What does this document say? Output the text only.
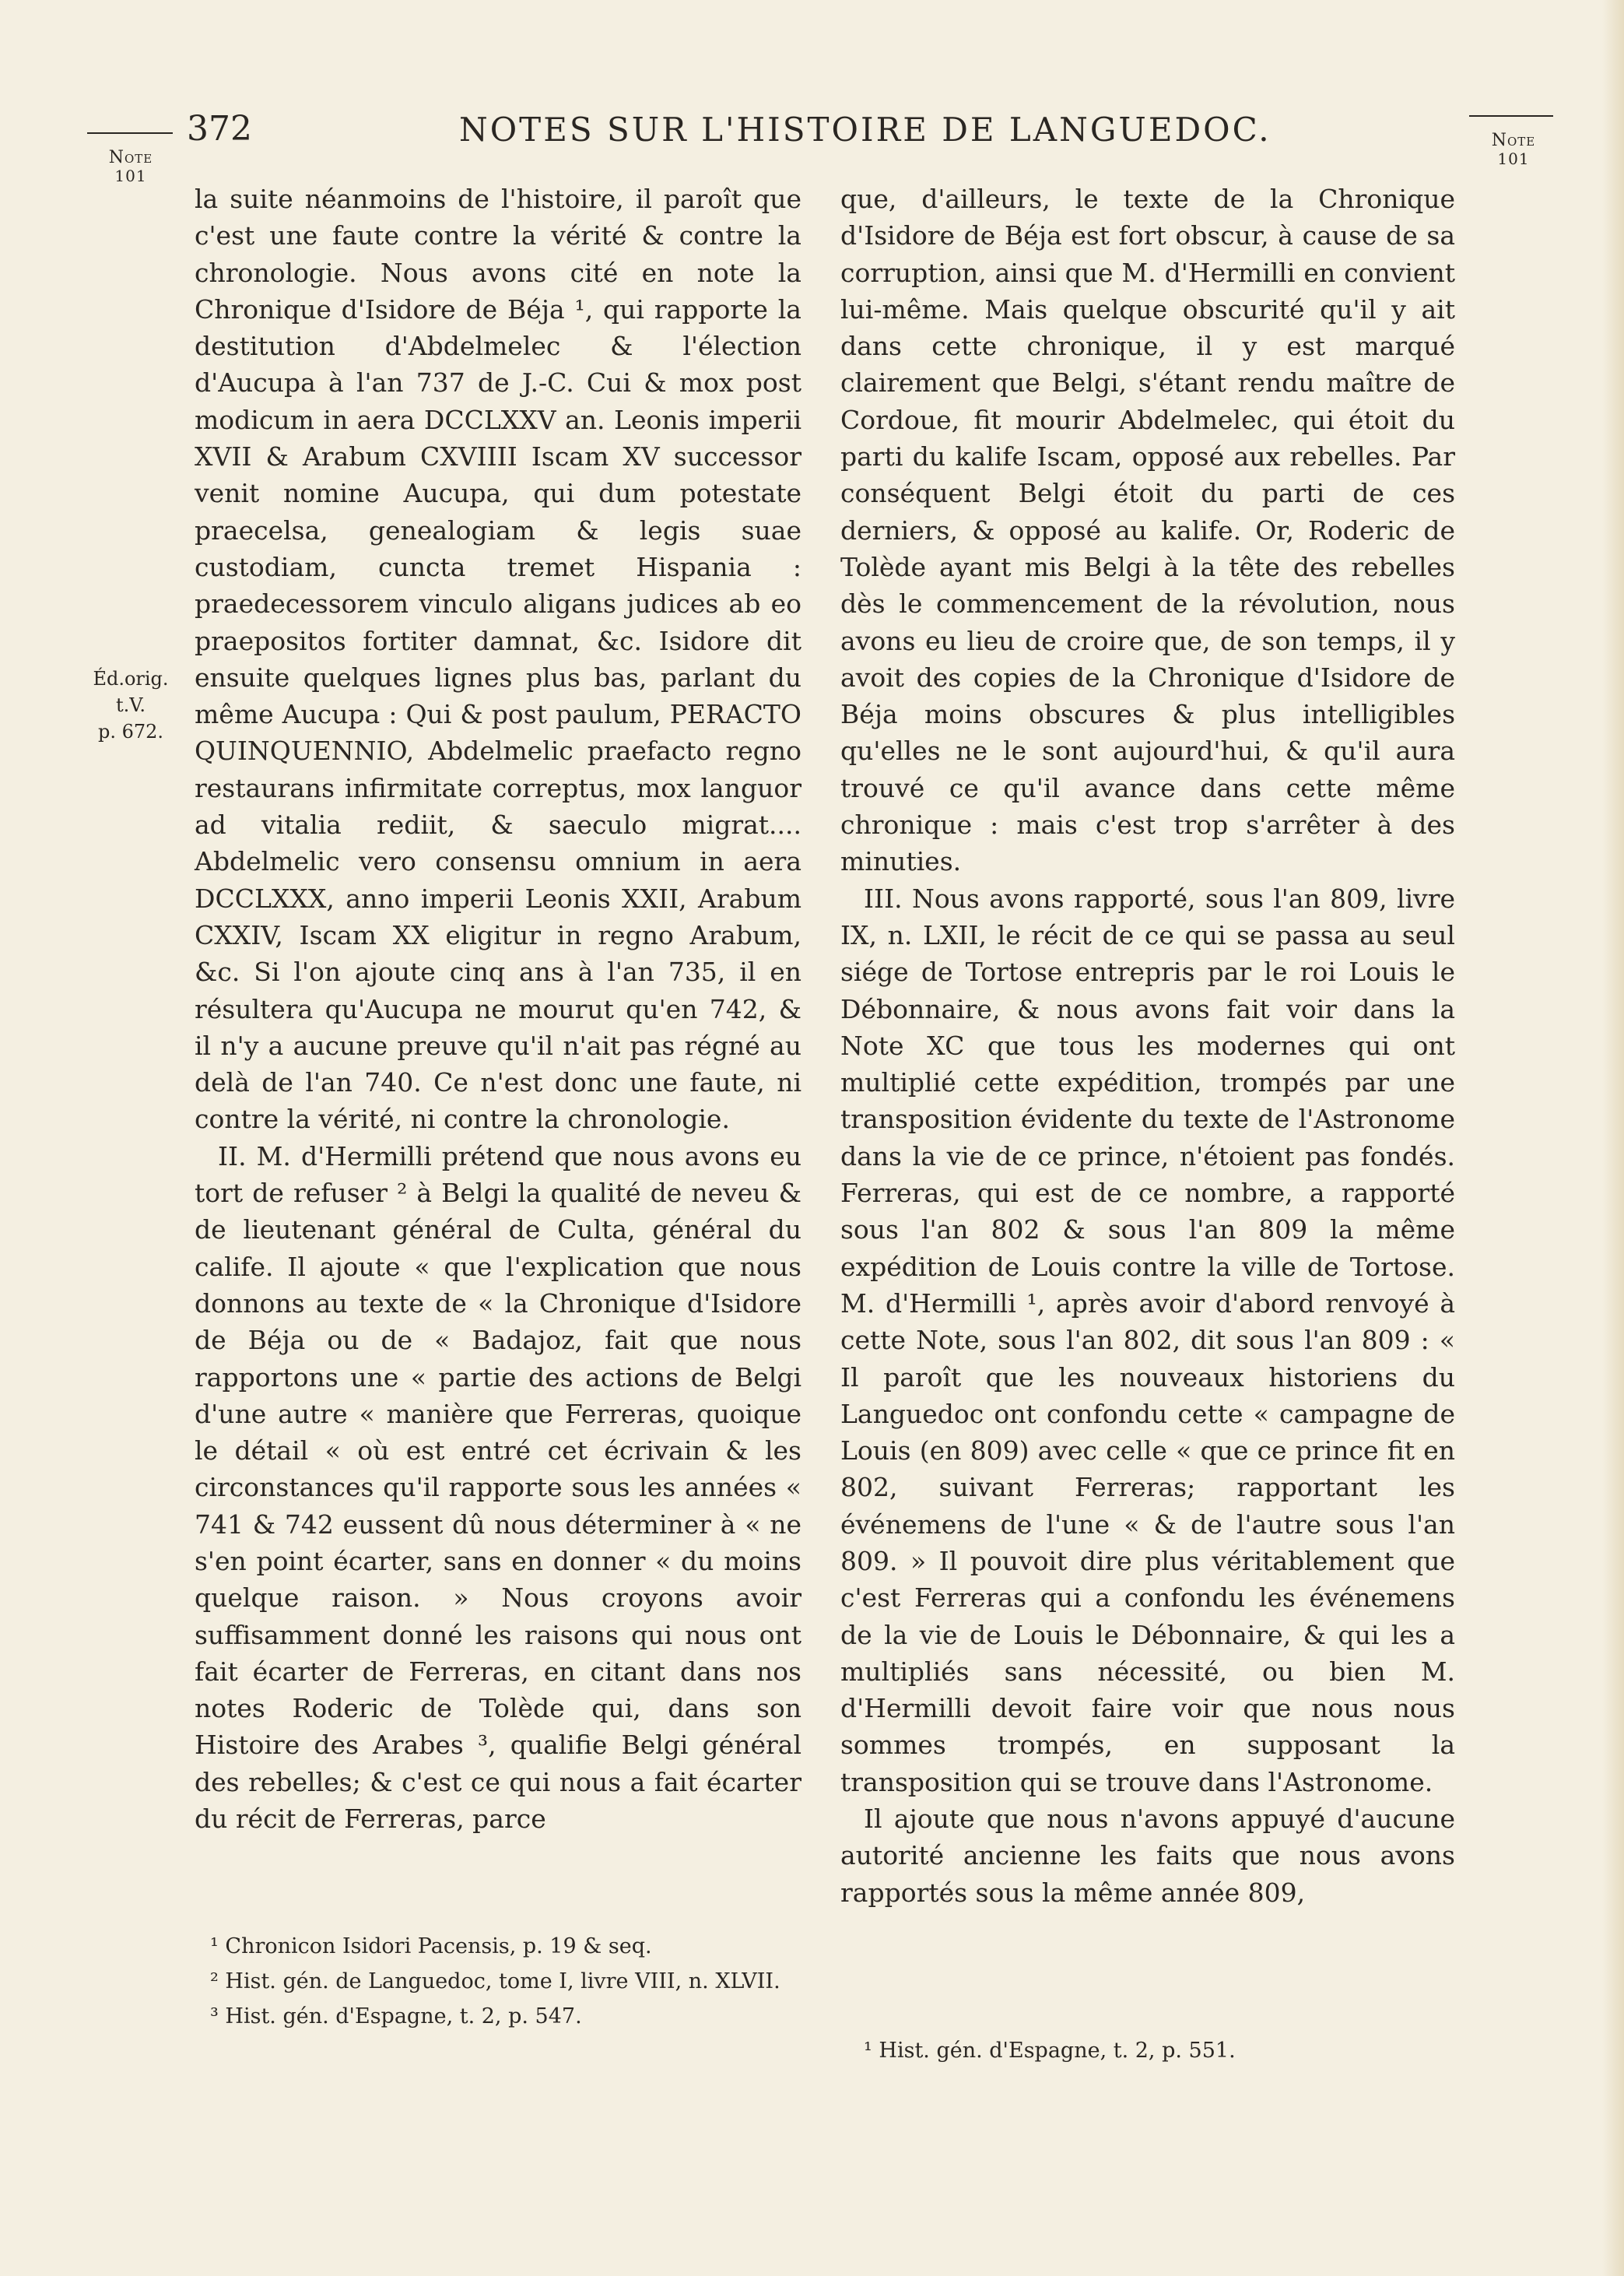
Note
101
Note
101
372	NOTES SUR L'HISTOIRE DE LANGUEDOC.
Éd.orig.
t.V.
p. 672.

la suite néanmoins de l'histoire, il paroît que c'est une faute contre la vérité & contre la chronologie. Nous avons cité en note la Chronique d'Isidore de Béja ¹, qui rapporte la destitution d'Abdelmelec & l'élection d'Aucupa à l'an 737 de J.-C. Cui & mox post modicum in aera DCCLXXV an. Leonis imperii XVII & Arabum CXVIIII Iscam XV successor venit nomine Aucupa, qui dum potestate praecelsa, genealogiam & legis suae custodiam, cuncta tremet Hispania : praedecessorem vinculo aligans judices ab eo praepositos fortiter damnat, &c. Isidore dit ensuite quelques lignes plus bas, parlant du même Aucupa : Qui & post paulum, PERACTO QUINQUENNIO, Abdelmelic praefacto regno restaurans infirmitate correptus, mox languor ad vitalia rediit, & saeculo migrat.... Abdelmelic vero consensu omnium in aera DCCLXXX, anno imperii Leonis XXII, Arabum CXXIV, Iscam XX eligitur in regno Arabum, &c. Si l'on ajoute cinq ans à l'an 735, il en résultera qu'Aucupa ne mourut qu'en 742, & il n'y a aucune preuve qu'il n'ait pas régné au delà de l'an 740. Ce n'est donc une faute, ni contre la vérité, ni contre la chronologie.

II. M. d'Hermilli prétend que nous avons eu tort de refuser ² à Belgi la qualité de neveu & de lieutenant général de Culta, général du calife. Il ajoute « que l'explication que nous donnons au texte de « la Chronique d'Isidore de Béja ou de « Badajoz, fait que nous rapportons une « partie des actions de Belgi d'une autre « manière que Ferreras, quoique le détail « où est entré cet écrivain & les circonstances qu'il rapporte sous les années « 741 & 742 eussent dû nous déterminer à « ne s'en point écarter, sans en donner « du moins quelque raison. » Nous croyons avoir suffisamment donné les raisons qui nous ont fait écarter de Ferreras, en citant dans nos notes Roderic de Tolède qui, dans son Histoire des Arabes ³, qualifie Belgi général des rebelles; & c'est ce qui nous a fait écarter du récit de Ferreras, parce

que, d'ailleurs, le texte de la Chronique d'Isidore de Béja est fort obscur, à cause de sa corruption, ainsi que M. d'Hermilli en convient lui-même. Mais quelque obscurité qu'il y ait dans cette chronique, il y est marqué clairement que Belgi, s'étant rendu maître de Cordoue, fit mourir Abdelmelec, qui étoit du parti du kalife Iscam, opposé aux rebelles. Par conséquent Belgi étoit du parti de ces derniers, & opposé au kalife. Or, Roderic de Tolède ayant mis Belgi à la tête des rebelles dès le commencement de la révolution, nous avons eu lieu de croire que, de son temps, il y avoit des copies de la Chronique d'Isidore de Béja moins obscures & plus intelligibles qu'elles ne le sont aujourd'hui, & qu'il aura trouvé ce qu'il avance dans cette même chronique : mais c'est trop s'arrêter à des minuties.

III. Nous avons rapporté, sous l'an 809, livre IX, n. LXII, le récit de ce qui se passa au seul siége de Tortose entrepris par le roi Louis le Débonnaire, & nous avons fait voir dans la Note XC que tous les modernes qui ont multiplié cette expédition, trompés par une transposition évidente du texte de l'Astronome dans la vie de ce prince, n'étoient pas fondés. Ferreras, qui est de ce nombre, a rapporté sous l'an 802 & sous l'an 809 la même expédition de Louis contre la ville de Tortose. M. d'Hermilli ¹, après avoir d'abord renvoyé à cette Note, sous l'an 802, dit sous l'an 809 : « Il paroît que les nouveaux historiens du Languedoc ont confondu cette « campagne de Louis (en 809) avec celle « que ce prince fit en 802, suivant Ferreras; rapportant les événemens de l'une « & de l'autre sous l'an 809. » Il pouvoit dire plus véritablement que c'est Ferreras qui a confondu les événemens de la vie de Louis le Débonnaire, & qui les a multipliés sans nécessité, ou bien M. d'Hermilli devoit faire voir que nous nous sommes trompés, en supposant la transposition qui se trouve dans l'Astronome.

Il ajoute que nous n'avons appuyé d'aucune autorité ancienne les faits que nous avons rapportés sous la même année 809,

¹ Chronicon Isidori Pacensis, p. 19 & seq.

² Hist. gén. de Languedoc, tome I, livre VIII, n. XLVII.

³ Hist. gén. d'Espagne, t. 2, p. 547.

¹ Hist. gén. d'Espagne, t. 2, p. 551.
